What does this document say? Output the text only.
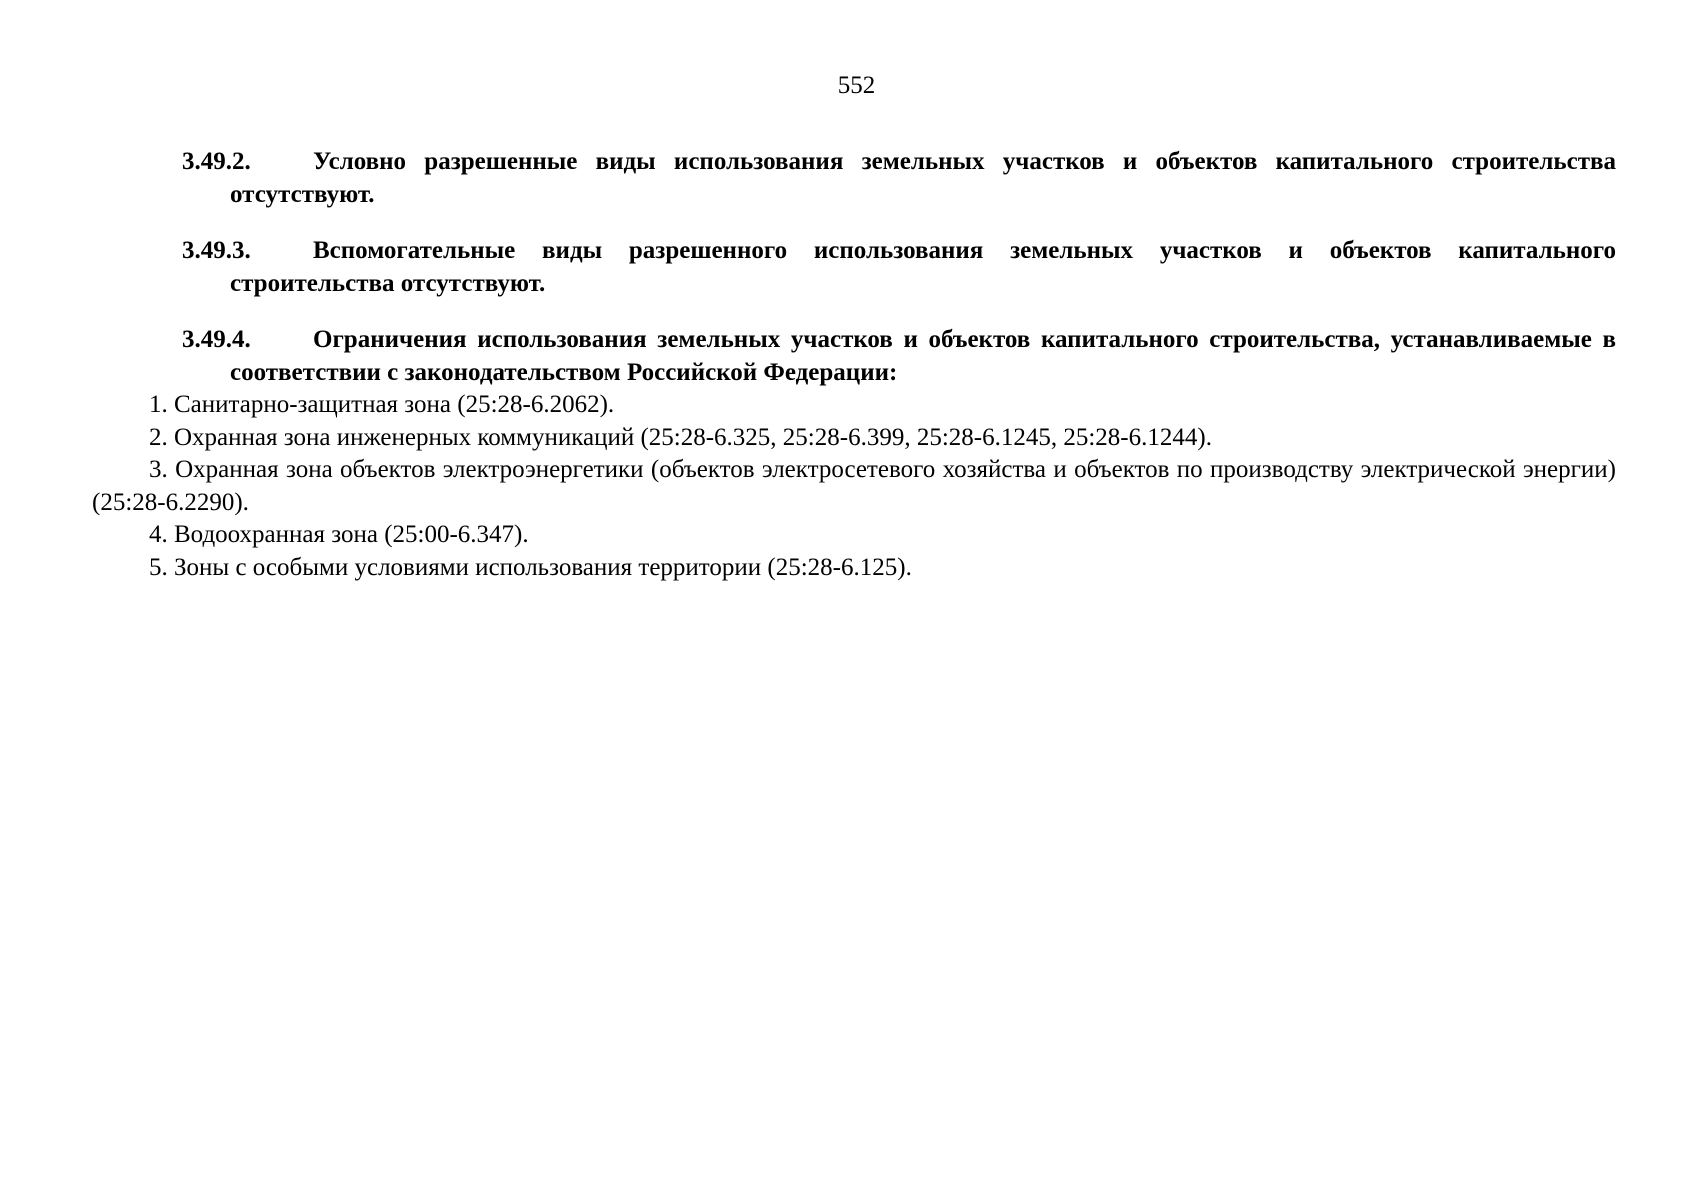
552

3.49.2. Условно разрешенные виды использования земельных участков и объектов капитального строительства отсутствуют.

3.49.3. Вспомогательные виды разрешенного использования земельных участков и объектов капитального строительства отсутствуют.

3.49.4. Ограничения использования земельных участков и объектов капитального строительства, устанавливаемые в соответствии с законодательством Российской Федерации:

1. Санитарно-защитная зона (25:28-6.2062).

2. Охранная зона инженерных коммуникаций (25:28-6.325, 25:28-6.399, 25:28-6.1245, 25:28-6.1244).

3. Охранная зона объектов электроэнергетики (объектов электросетевого хозяйства и объектов по производству электрической энергии) (25:28-6.2290).

4. Водоохранная зона (25:00-6.347).

5. Зоны с особыми условиями использования территории (25:28-6.125).
